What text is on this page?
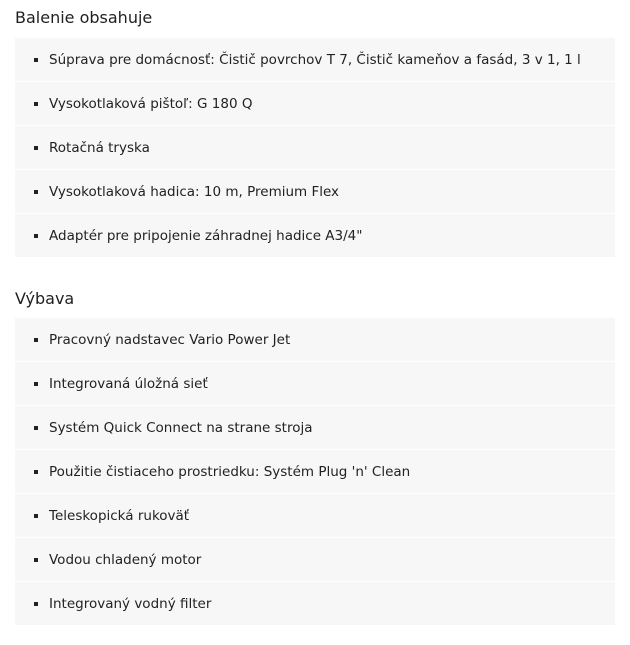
Balenie obsahuje
Súprava pre domácnosť: Čistič povrchov T 7, Čistič kameňov a fasád, 3 v 1, 1 l
Vysokotlaková pištoľ: G 180 Q
Rotačná tryska
Vysokotlaková hadica: 10 m, Premium Flex
Adaptér pre pripojenie záhradnej hadice A3/4"
Výbava
Pracovný nadstavec Vario Power Jet
Integrovaná úložná sieť
Systém Quick Connect na strane stroja
Použitie čistiaceho prostriedku: Systém Plug 'n' Clean
Teleskopická rukoväť
Vodou chladený motor
Integrovaný vodný filter
